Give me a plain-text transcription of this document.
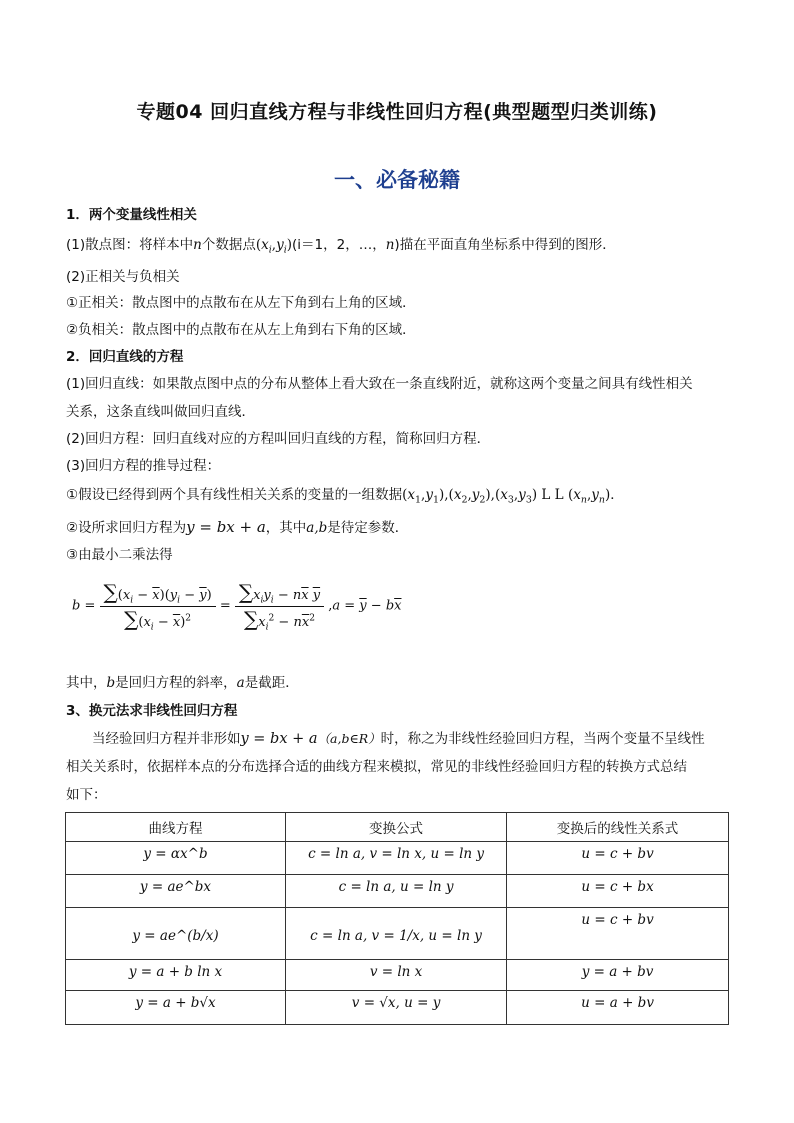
专题04 回归直线方程与非线性回归方程(典型题型归类训练)
一、必备秘籍
1．两个变量线性相关
(1)散点图：将样本中n个数据点$(x_i,y_i)(i=1$，2，…，n)描在平面直角坐标系中得到的图形．
(2)正相关与负相关
①正相关：散点图中的点散布在从左下角到右上角的区域．
②负相关：散点图中的点散布在从左上角到右下角的区域．
2．回归直线的方程
(1)回归直线：如果散点图中点的分布从整体上看大致在一条直线附近，就称这两个变量之间具有线性相关
关系，这条直线叫做回归直线．
(2)回归方程：回归直线对应的方程叫回归直线的方程，简称回归方程．
(3)回归方程的推导过程：
①假设已经得到两个具有线性相关关系的变量的一组数据$(x_1,y_1),(x_2,y_2),(x_3,y_3)$ L L $(x_n,y_n)$．
②设所求回归方程为y = bx + a，其中a,b是待定参数．
③由最小二乘法得
$b = \frac{\sum(x_i - \overline{x})(y_i - \overline{y})}{\sum(x_i - \overline{x})^2} = \frac{\sum x_iy_i - n\overline{x} \overline{y}}{\sum x_i^2 - n\overline{x}^2} ,a = \overline{y} - b\overline{x}$
其中，b是回归方程的斜率，a是截距．
3、换元法求非线性回归方程
当经验回归方程并非形如y = bx + a（a,b∈R）时，称之为非线性经验回归方程，当两个变量不呈线性
相关关系时，依据样本点的分布选择合适的曲线方程来模拟，常见的非线性经验回归方程的转换方式总结
如下：
曲线方程	变换公式	变换后的线性关系式
y = αx^b	c = ln a, v = ln x, u = ln y	u = c + bv
y = ae^bx	c = ln a, u = ln y	u = c + bx
y = ae^(b/x)	c = ln a, v = 1/x, u = ln y	u = c + bv
y = a + b ln x	v = ln x	y = a + bv
y = a + b√x	v = √x, u = y	u = a + bv
